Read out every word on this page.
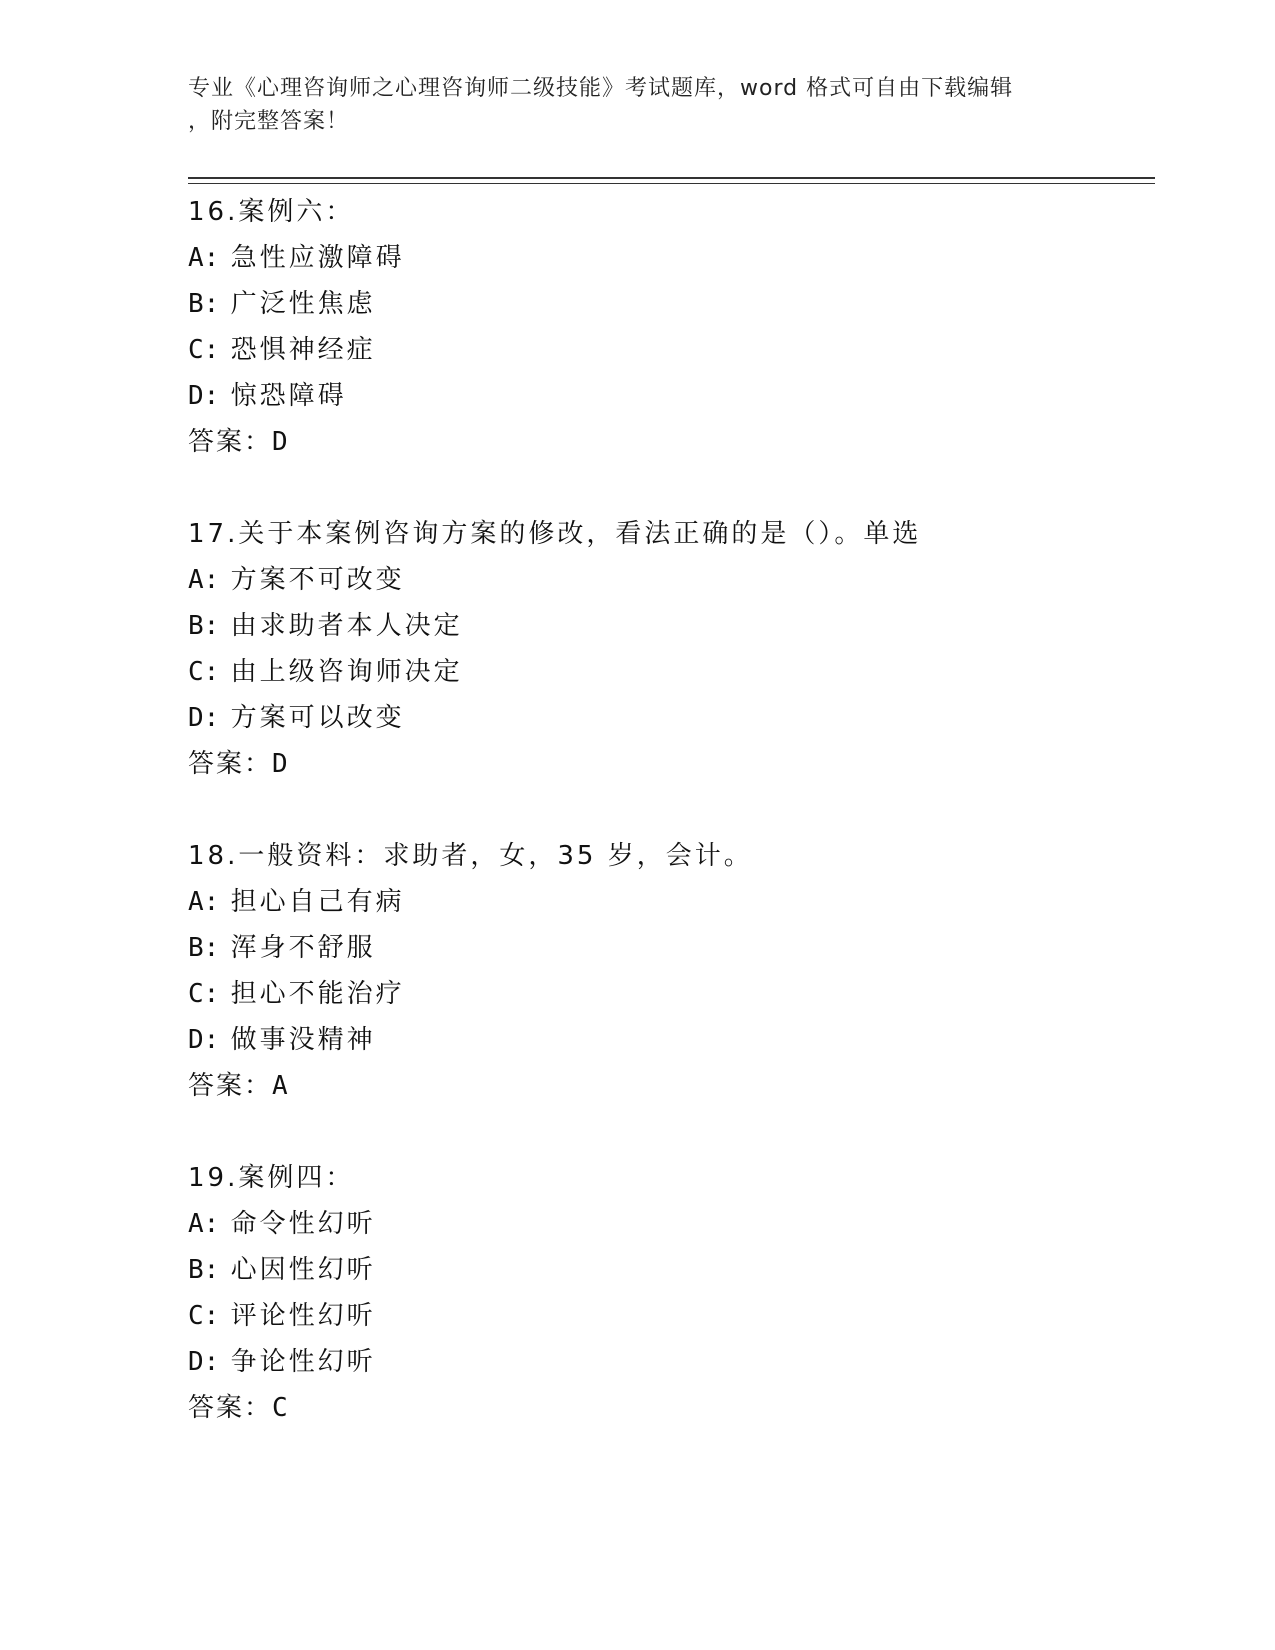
专业《心理咨询师之心理咨询师二级技能》考试题库，word 格式可自由下载编辑
，附完整答案！
16.案例六：
A: 急性应激障碍
B: 广泛性焦虑
C: 恐惧神经症
D: 惊恐障碍
答案：D
17.关于本案例咨询方案的修改，看法正确的是（）。单选
A: 方案不可改变
B: 由求助者本人决定
C: 由上级咨询师决定
D: 方案可以改变
答案：D
18.一般资料：求助者，女，35 岁，会计。
A: 担心自己有病
B: 浑身不舒服
C: 担心不能治疗
D: 做事没精神
答案：A
19.案例四：
A: 命令性幻听
B: 心因性幻听
C: 评论性幻听
D: 争论性幻听
答案：C
